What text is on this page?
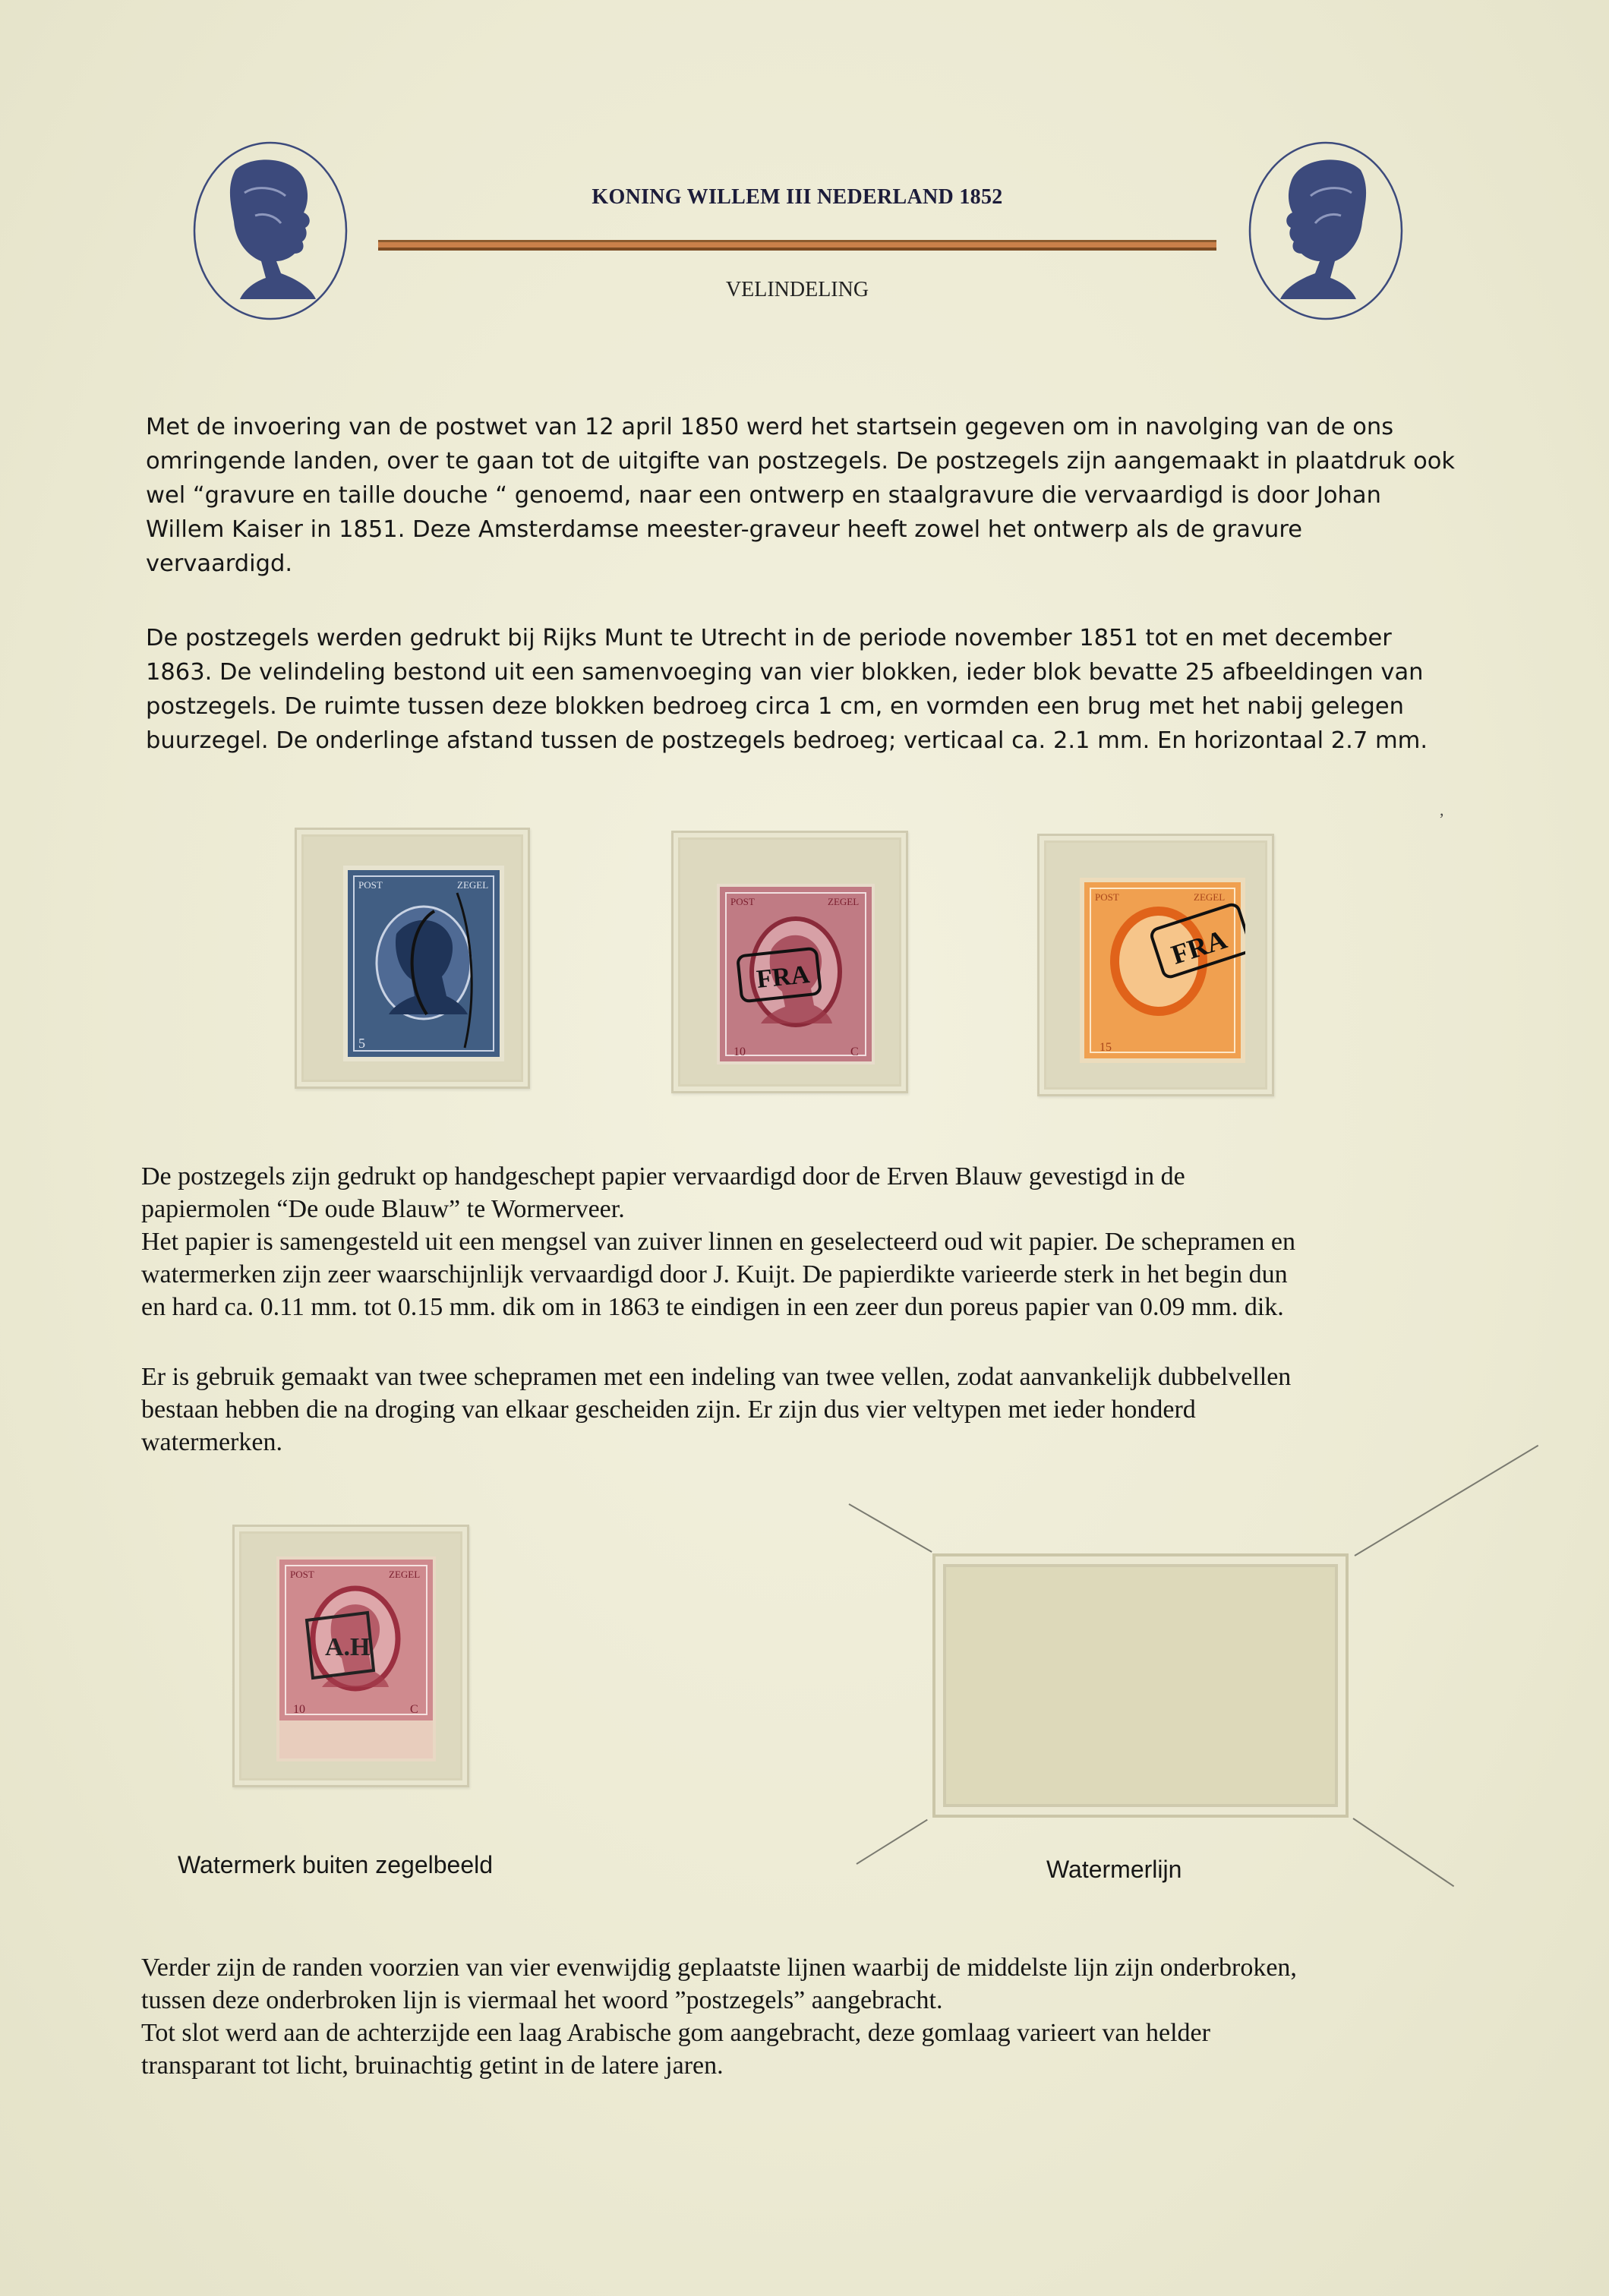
KONING WILLEM III NEDERLAND 1852
VELINDELING
Met de invoering van de postwet van 12 april 1850 werd het startsein gegeven om in navolging van de ons
omringende landen, over te gaan tot de uitgifte van postzegels. De postzegels zijn aangemaakt in plaatdruk ook
wel “gravure en taille douche “ genoemd, naar een ontwerp en staalgravure die vervaardigd is door Johan
Willem Kaiser in 1851. Deze Amsterdamse meester-graveur heeft zowel het ontwerp als de gravure
vervaardigd.
De postzegels werden gedrukt bij Rijks Munt te Utrecht in de periode november 1851 tot en met december
1863. De velindeling bestond uit een samenvoeging van vier blokken, ieder blok bevatte 25 afbeeldingen van
postzegels. De ruimte tussen deze blokken bedroeg circa 1 cm, en vormden een brug met het nabij gelegen
buurzegel. De onderlinge afstand tussen de postzegels bedroeg; verticaal ca. 2.1 mm. En horizontaal 2.7 mm.
,
POST	ZEGEL
5
POST	ZEGEL
FRA
10	C
POST	ZEGEL
FRA
15
De postzegels zijn gedrukt op handgeschept papier vervaardigd door de Erven Blauw gevestigd in de
papiermolen “De oude Blauw” te Wormerveer.
Het papier is samengesteld uit een mengsel van zuiver linnen en geselecteerd oud wit papier. De schepramen en
watermerken zijn zeer waarschijnlijk vervaardigd door J. Kuijt. De papierdikte varieerde sterk in het begin dun
en hard ca. 0.11 mm. tot 0.15 mm. dik om in 1863 te eindigen in een zeer dun poreus papier van 0.09 mm. dik.
Er is gebruik gemaakt van twee schepramen met een indeling van twee vellen, zodat aanvankelijk dubbelvellen
bestaan hebben die na droging van elkaar gescheiden zijn. Er zijn dus vier veltypen met ieder honderd
watermerken.
POST	ZEGEL
A.H
10	C
Watermerk buiten zegelbeeld	Watermerlijn
Verder zijn de randen voorzien van vier evenwijdig geplaatste lijnen waarbij de middelste lijn zijn onderbroken,
tussen deze onderbroken lijn is viermaal het woord ”postzegels” aangebracht.
Tot slot werd aan de achterzijde een laag Arabische gom aangebracht, deze gomlaag varieert van helder
transparant tot licht, bruinachtig getint in de latere jaren.
